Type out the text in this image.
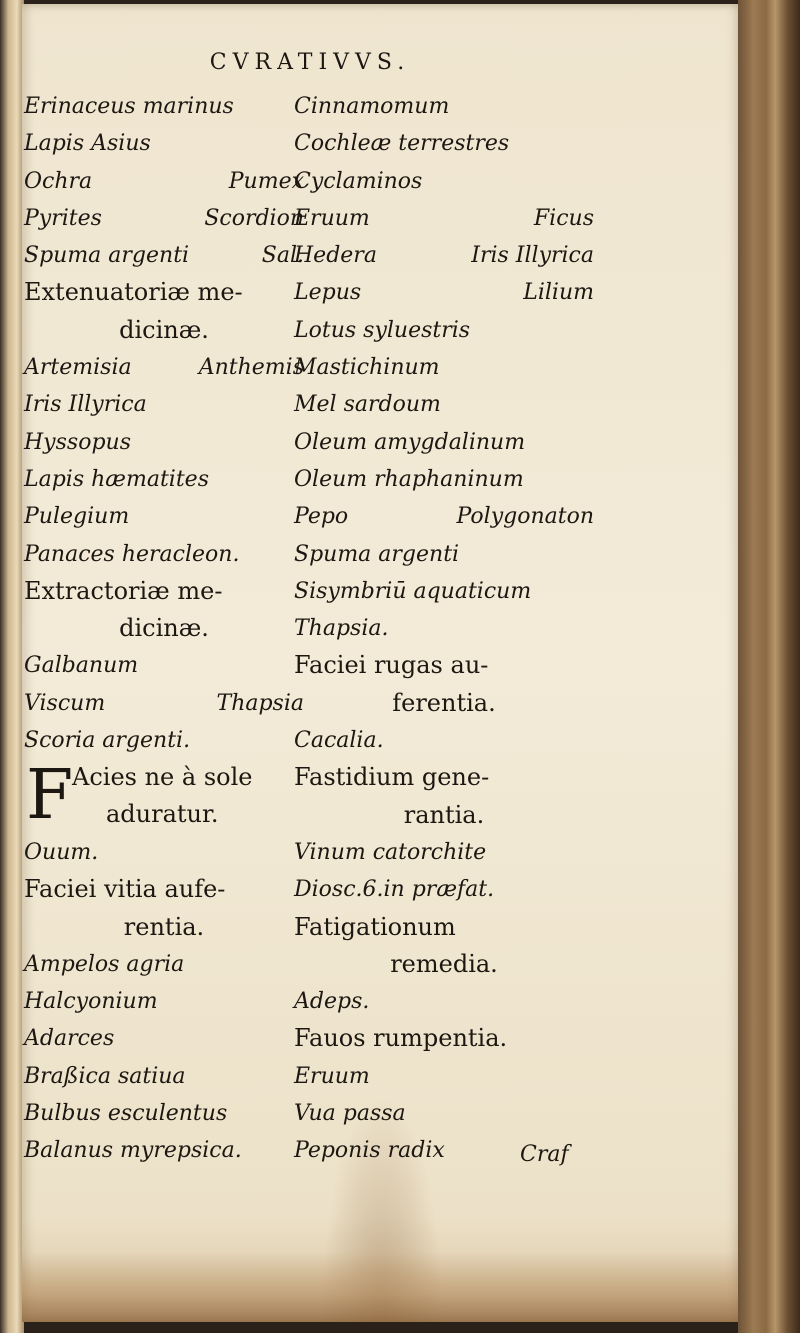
CVRATIVVS.
Erinaceus marinus
Lapis Asius
Ochra	Pumex
Pyrites	Scordion
Spuma argenti	Sal.
Extenuatoriæ me-
dicinæ.
Artemisia	Anthemis
Iris Illyrica
Hyssopus
Lapis hæmatites
Pulegium
Panaces heracleon.
Extractoriæ me-
dicinæ.
Galbanum
Viscum	Thapsia
Scoria argenti.
F
Acies ne à sole
aduratur.
Ouum.
Faciei vitia aufe-
rentia.
Ampelos agria
Halcyonium
Adarces
Braßica satiua
Bulbus esculentus
Balanus myrepsica.
Cinnamomum
Cochleæ terrestres
Cyclaminos
Eruum	Ficus
Hedera	Iris Illyrica
Lepus	Lilium
Lotus syluestris
Mastichinum
Mel sardoum
Oleum amygdalinum
Oleum rhaphaninum
Pepo	Polygonaton
Spuma argenti
Sisymbriū aquaticum
Thapsia.
Faciei rugas au-
ferentia.
Cacalia.
Fastidium gene-
rantia.
Vinum catorchite
Diosc.6.in præfat.
Fatigationum
remedia.
Adeps.
Fauos rumpentia.
Eruum
Vua passa
Peponis radix	Craf
